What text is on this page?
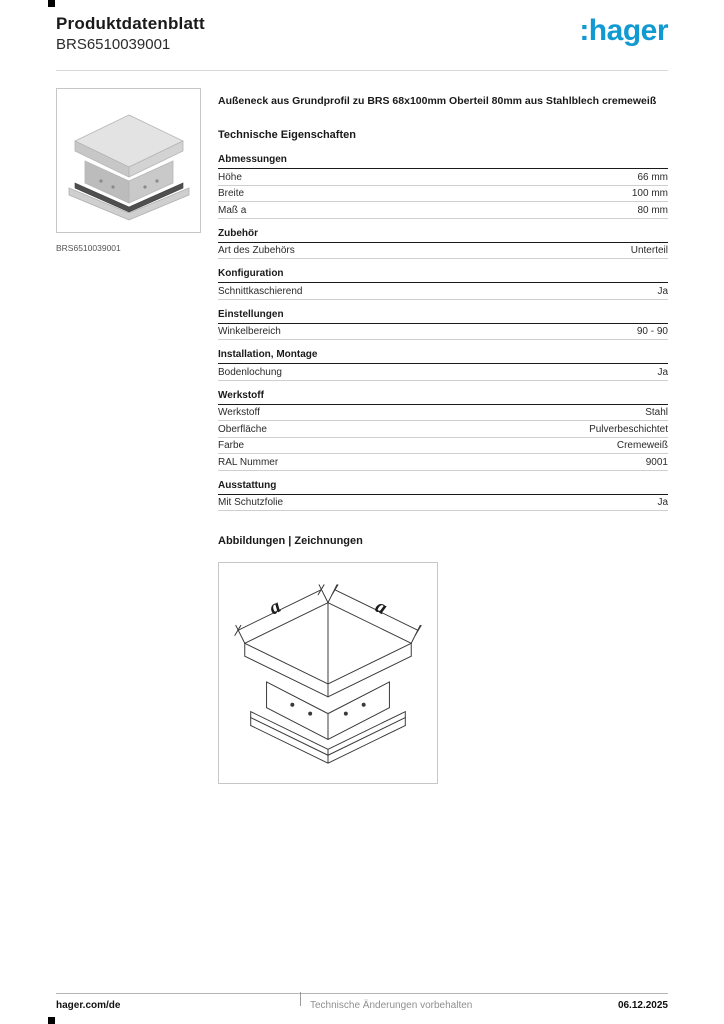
Produktdatenblatt
BRS6510039001	:hager
BRS6510039001
Außeneck aus Grundprofil zu BRS 68x100mm Oberteil 80mm aus Stahlblech cremeweiß
Technische Eigenschaften
Abmessungen
Höhe	66 mm
Breite	100 mm
Maß a	80 mm
Zubehör
Art des Zubehörs	Unterteil
Konfiguration
Schnittkaschierend	Ja
Einstellungen
Winkelbereich	90 - 90
Installation, Montage
Bodenlochung	Ja
Werkstoff
Werkstoff	Stahl
Oberfläche	Pulverbeschichtet
Farbe	Cremeweiß
RAL Nummer	9001
Ausstattung
Mit Schutzfolie	Ja
Abbildungen | Zeichnungen
a	a
hager.com/de	Technische Änderungen vorbehalten	06.12.2025
